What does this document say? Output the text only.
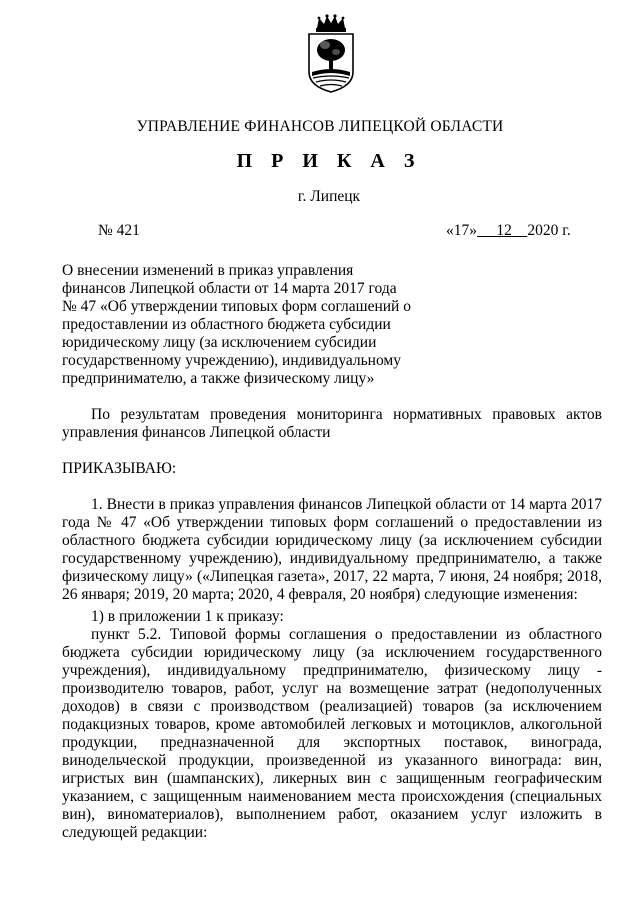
УПРАВЛЕНИЕ ФИНАНСОВ ЛИПЕЦКОЙ ОБЛАСТИ
П Р И К А З
г. Липецк
№ 421	«17» 12 2020 г.
О внесении изменений в приказ управления финансов Липецкой области от 14 марта 2017 года № 47 «Об утверждении типовых форм соглашений о предоставлении из областного бюджета субсидии юридическому лицу (за исключением субсидии государственному учреждению), индивидуальному предпринимателю, а также физическому лицу»

По результатам проведения мониторинга нормативных правовых актов управления финансов Липецкой области

ПРИКАЗЫВАЮ:

1. Внести в приказ управления финансов Липецкой области от 14 марта 2017 года № 47 «Об утверждении типовых форм соглашений о предоставлении из областного бюджета субсидии юридическому лицу (за исключением субсидии государственному учреждению), индивидуальному предпринимателю, а также физическому лицу» («Липецкая газета», 2017, 22 марта, 7 июня, 24 ноября; 2018, 26 января; 2019, 20 марта; 2020, 4 февраля, 20 ноября) следующие изменения:

1) в приложении 1 к приказу:

пункт 5.2. Типовой формы соглашения о предоставлении из областного бюджета субсидии юридическому лицу (за исключением государственного учреждения), индивидуальному предпринимателю, физическому лицу - производителю товаров, работ, услуг на возмещение затрат (недополученных доходов) в связи с производством (реализацией) товаров (за исключением подакцизных товаров, кроме автомобилей легковых и мотоциклов, алкогольной продукции, предназначенной для экспортных поставок, винограда, винодельческой продукции, произведенной из указанного винограда: вин, игристых вин (шампанских), ликерных вин с защищенным географическим указанием, с защищенным наименованием места происхождения (специальных вин), виноматериалов), выполнением работ, оказанием услуг изложить в следующей редакции:
